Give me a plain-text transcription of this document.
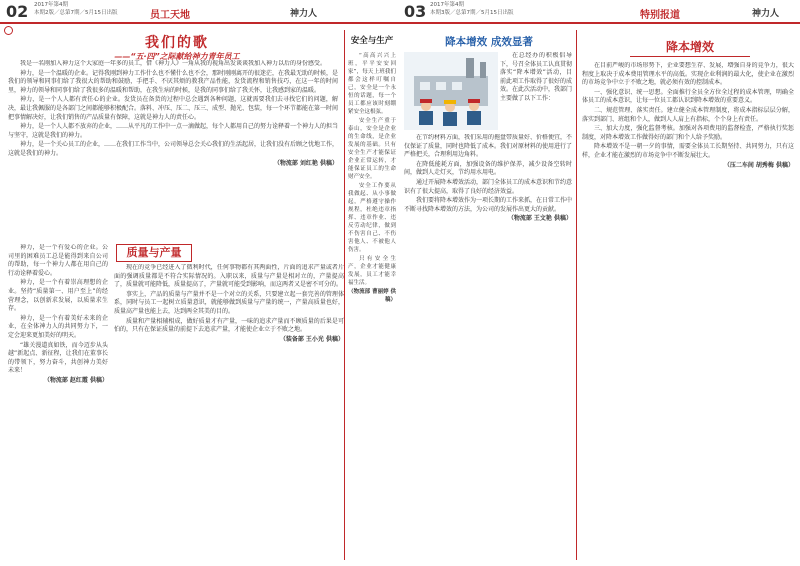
02 2017年第4期
本期2版／总第7期／5月15日出版	员工天地	神力人
我们的歌
——“五·四”之际献给神力青年员工

我是一名刚加入神力这个大家庭一年多的员工，借《神力人》一角从我的视角出发谈谈我加入神力以后的身份感受。

神力，是一个温暖的企业。记得我刚到神力工作什么也不懂什么也不会，那时刚刚离开的很迷茫，在我最无助的时候，是我们的领导和同事们给了我很大的帮助和鼓励，手把手、不厌其烦的教我产品性能，发货流程和销售技巧，在这一年的时间里，神力的领导和同事们给了我很多的温暖和帮助，在我生病的时候，是我的同事们给了我关怀，让我感到家的温暖。

神力，是一个人人都有责任心的企业。发货员在备货的过程中总会遇到各种问题，这就需要我们去寻找它们的问题，解决，最让我佩服的是各部门之间都能够积极配合。落料、冲压、压二、压三、成型、抛光、包装，每一个环节都能在第一时间把事情解决好，让我们销售的产品质量有保障，这就是神力人的责任心。

神力，是一个人人都不放弃的企业，……从平凡的工作中一点一滴做起，每个人都用自己的努力诠释着一个神力人的担当与坚守，这就是我们的神力。

神力，是一个关心员工的企业，……在我们工作当中，公司领导总会关心我们的生活起居，让我们没有后顾之忧地工作，这就是我们的神力。

（物流部 刘红艳 供稿）

神力，是一个有爱心的企业。公司里的困难员工总是能得到来自公司的帮助，每一个神力人都在用自己的行动诠释着爱心。

神力，是一个有着崇高理想的企业。坚持“质量第一、用户至上”的经营理念，以创新求发展，以质量求生存。

神力，是一个有着美好未来的企业，在全体神力人的共同努力下，一定会迎来更加美好的明天。

“雄关漫道真如铁，而今迈步从头越”新起点、新征程，让我们在董事长的带领下，努力奋斗，共创神力美好未来！

（物流部 赵红霞 供稿）

质量与产量

现在的竞争已经进入了微利时代，任何事物都有其两面性，片面的追求产量或者片面的强调质量都是不符合实际情况的。入职以来，质量与产量是相对立的，产量提高了，质量就可能降低，质量提高了，产量就可能受到影响，而这两者又是密不可分的。

事实上，产品的质量与产量并不是一个对立的关系，只要建立起一套完善的管理体系，同时与员工一起树立质量意识，就能够做到质量与产量的统一，产量高质量也好，质量高产量也能上去，达到两全其美的目的。

质量和产量相辅相成，做好质量才有产量，一味的追求产量而不顾质量的后果是可怕的，只有在保证质量的前提下去追求产量，才能使企业立于不败之地。

（装备部 王小光 供稿）

安全与生产

“高高兴兴上班，平平安安回家”，每天上班我们都会这样叮嘱自己，安全是一个永恒的话题，每一个员工都应该时刻绷紧安全这根弦。

安全生产重于泰山，安全是企业的生命线，是企业发展的基础。只有安全生产才能保证企业正常运转，才能保证员工的生命财产安全。

安全工作要从我做起、从小事做起，严格遵守操作规程，杜绝违章指挥、违章作业、违反劳动纪律，做到不伤害自己、不伤害他人、不被他人伤害。

只有安全生产，企业才能健康发展，员工才能幸福生活。

（物流部 曹丽婷 供稿）

03 2017年第4期
本期3版／总第7期／5月15日出版	特别报道	神力人
降本增效 成效显著

在总经办的积极倡导下，号召全体员工认真贯彻落实“降本增效”活动，目前此项工作取得了很好的成效。在此次活动中，我部门主要做了以下工作：

在节约材料方面，我们采用的拖盘带质量好、价格便宜，不仅保证了质量，同时也降低了成本。我们对原材料的使用进行了严格把关，合理利用边角料。

在降低能耗方面，加强设备的维护保养，减少设备空转时间，做到人走灯灭，节约用水用电。

通过开展降本增效活动，部门全体员工的成本意识和节约意识有了很大提高，取得了良好的经济效益。

我们要将降本增效作为一项长期的工作来抓，在日常工作中不断寻找降本增效的方法，为公司的发展作出更大的贡献。

（物流部 王文艳 供稿）

降本增效

在目前严峻的市场形势下，企业要想生存、发展，增强自身的竞争力，很大程度上取决于成本费用管理水平的高低。实现企业利润的最大化，使企业在激烈的市场竞争中立于不败之地，就必须有效的控制成本。

一、强化意识、统一思想。全面推行全员全方位全过程的成本管理，明确全体员工的成本意识，让每一位员工都认识到降本增效的重要意义。

二、规范管理、落实责任。建立健全成本管理制度，将成本指标层层分解，落实到部门、班组和个人，做到人人肩上有指标，个个身上有责任。

三、加大力度，强化监督考核。加强对各项费用的监督检查，严格执行奖惩制度，对降本增效工作做得好的部门和个人给予奖励。

降本增效不是一朝一夕的事情，需要全体员工长期坚持、共同努力，只有这样，企业才能在激烈的市场竞争中不断发展壮大。

（压二车间 胡秀梅 供稿）
